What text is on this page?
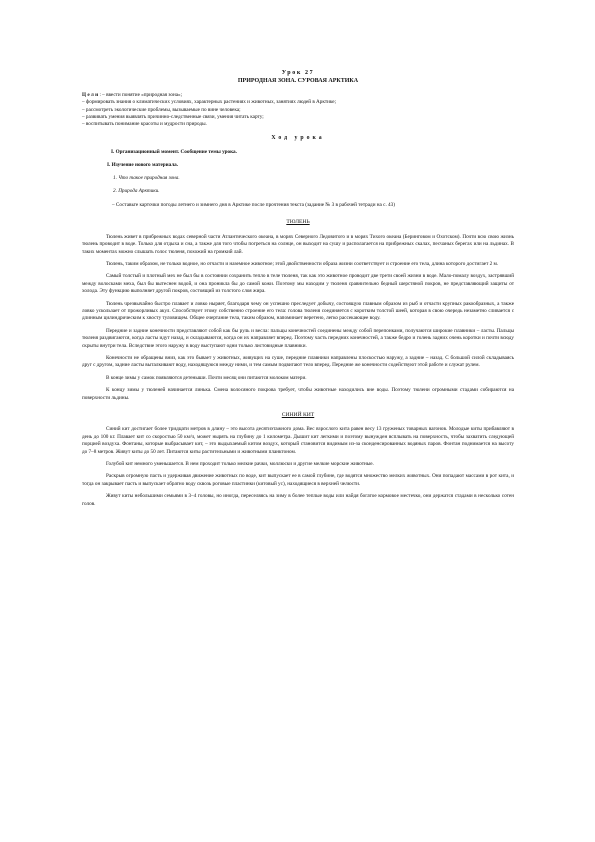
Урок 27
ПРИРОДНАЯ ЗОНА. СУРОВАЯ АРКТИКА
Цели: – ввести понятие «природная зона»;
– формировать знания о климатических условиях, характерных растениях и животных, занятиях людей в Арктике;
– рассмотреть экологические проблемы, вызываемые по вине человека;
– развивать умения выявлять причинно-следственные связи, умения читать карту;
– воспитывать понимание красоты и мудрости природы.
Ход урока
I. Организационный момент. Сообщение темы урока.
I. Изучение нового материала.
1. Что такое природная зона.
2. Природа Арктики.
– Составьте карточки погоды летнего и зимнего дня в Арктике после прочтения текста (задание № 3 в рабочей тетради на с. 43)
ТЮЛЕНЬ

Тюлень живет в прибрежных водах северной части Атлантического океана, в морях Северного Ледовитого и в морях Тихого океана (Беринговом и Охотском). Почти всю свою жизнь тюлень проводит в воде. Только для отдыха и сна, а также для того чтобы погреться на солнце, он выходит на сушу и располагается на прибрежных скалах, песчаных берегах или на льдинах. В таких моментах можно слышать голос тюленя, похожий на громкий лай.

Тюлень, таким образом, не только водное, но отчасти и наземное животное; этой двойственности образа жизни соответствует и строение его тела, длина которого достигает 2 м.

Самый толстый и плотный мех не был бы в состоянии сохранить тепло в теле тюленя, так как это животное проводит две трети своей жизни в воде. Мало-помалу воздух, застрявший между волосками меха, был бы вытеснен водой, и она проникла бы до самой кожи. Поэтому мы находим у тюленя сравнительно бедный шерстяной покров, не представляющий защиты от холода. Эту функцию выполняет другой покров, состоящий из толстого слоя жира.

Тюлень чрезвычайно быстро плавает и ловко ныряет, благодаря чему он успешно преследует добычу, состоящую главным образом из рыб и отчасти крупных ракообразных, а также ловко ускользает от прожорливых акул. Способствует этому собственно строение его тела: голова тюленя соединяется с коротким толстой шеей, которая в свою очередь незаметно сливается с длинным цилиндрическим к хвосту туловищем. Общее очертание тела, таким образом, напоминает веретено, легко рассекающее воду.

Передние и задние конечности представляют собой как бы руль и весла: пальцы конечностей соединены между собой перепонками, получаются широкие плавники – ласты. Пальцы тюленя раздвигаются, когда ласты идут назад, и складываются, когда он их направляет вперед. Поэтому часть передних конечностей, а также бедро и голень задних очень коротки и почти всюду скрыты внутри тела. Вследствие этого наружу в воду выступают одни только листовидные плавники.

Конечности не обращены вниз, как это бывает у животных, живущих на суше, передние плавники направлены плоскостью наружу, а задние – назад. С большой силой складываясь друг с другом, задние ласты выталкивают воду, находящуюся между ними, и тем самым подвигают тело вперед. Передние же конечности содействуют этой работе и служат рулем.

В конце зимы у самок появляются детеныши. Почти месяц они питаются молоком матери.

К концу зимы у тюленей начинается линька. Смена волосяного покрова требует, чтобы животные находились вне воды. Поэтому тюлени огромными стадами собираются на поверхности льдины.

СИНИЙ КИТ

Синий кит достигает более тридцати метров в длину – это высота десятиэтажного дома. Вес взрослого кита равен весу 13 груженых товарных вагонов. Молодые киты прибавляют в день до 100 кг. Плавает кит со скоростью 50 км/ч, может нырять на глубину до 1 километра. Дышит кит легкими и поэтому вынужден всплывать на поверхность, чтобы захватить следующей порцией воздуха. Фонтаны, которые выбрасывает кит, – это выдыхаемый китом воздух, который становится видимым из-за сконденсированных водяных паров. Фонтан поднимается на высоту до 7–8 метров. Живут киты до 50 лет. Питаются киты растительными и животными планктоном.

Голубой кит немного уменьшается. В нем проходит только мелкие рачки, моллюски и другие мелкие морские животные.

Раскрыв огромную пасть и удерживая движение животных по воде, кит выпускает ее в самой глубине, где водятся множество мелких животных. Они попадают массами в рот кита, и тогда он закрывает пасть и выпускает обратно воду сквозь роговые пластинки (китовый ус), находящиеся в верхней челюсти.

Живут киты небольшими семьями в 3–4 головы, но иногда, переселяясь на зиму в более теплые воды или найдя богатое кормовое местечко, они держатся стадами в несколько сотен голов.
